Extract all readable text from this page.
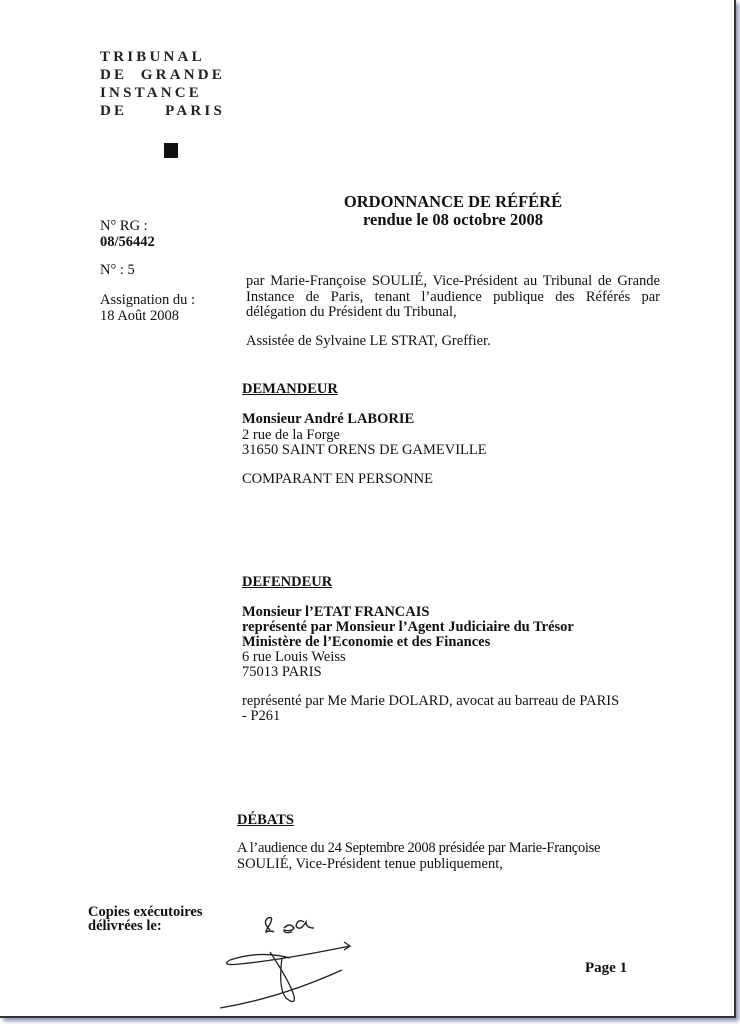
TRIBUNAL
DE GRANDE
INSTANCE
DE PARIS
ORDONNANCE DE RÉFÉRÉ
rendue le 08 octobre 2008
N° RG :
08/56442
N° : 5
Assignation du :
18 Août 2008
par Marie-Françoise SOULIÉ, Vice-Président au Tribunal de Grande Instance de Paris, tenant l’audience publique des Référés par délégation du Président du Tribunal,
Assistée de Sylvaine LE STRAT, Greffier.
DEMANDEUR
Monsieur André LABORIE
2 rue de la Forge
31650 SAINT ORENS DE GAMEVILLE
COMPARANT EN PERSONNE
DEFENDEUR
Monsieur l’ETAT FRANCAIS
représenté par Monsieur l’Agent Judiciaire du Trésor
Ministère de l’Economie et des Finances
6 rue Louis Weiss
75013 PARIS
représenté par Me Marie DOLARD, avocat au barreau de PARIS
- P261
DÉBATS
A l’audience du 24 Septembre 2008 présidée par Marie-Françoise
SOULIÉ, Vice-Président tenue publiquement,
Copies exécutoires
délivrées le:
Page 1
